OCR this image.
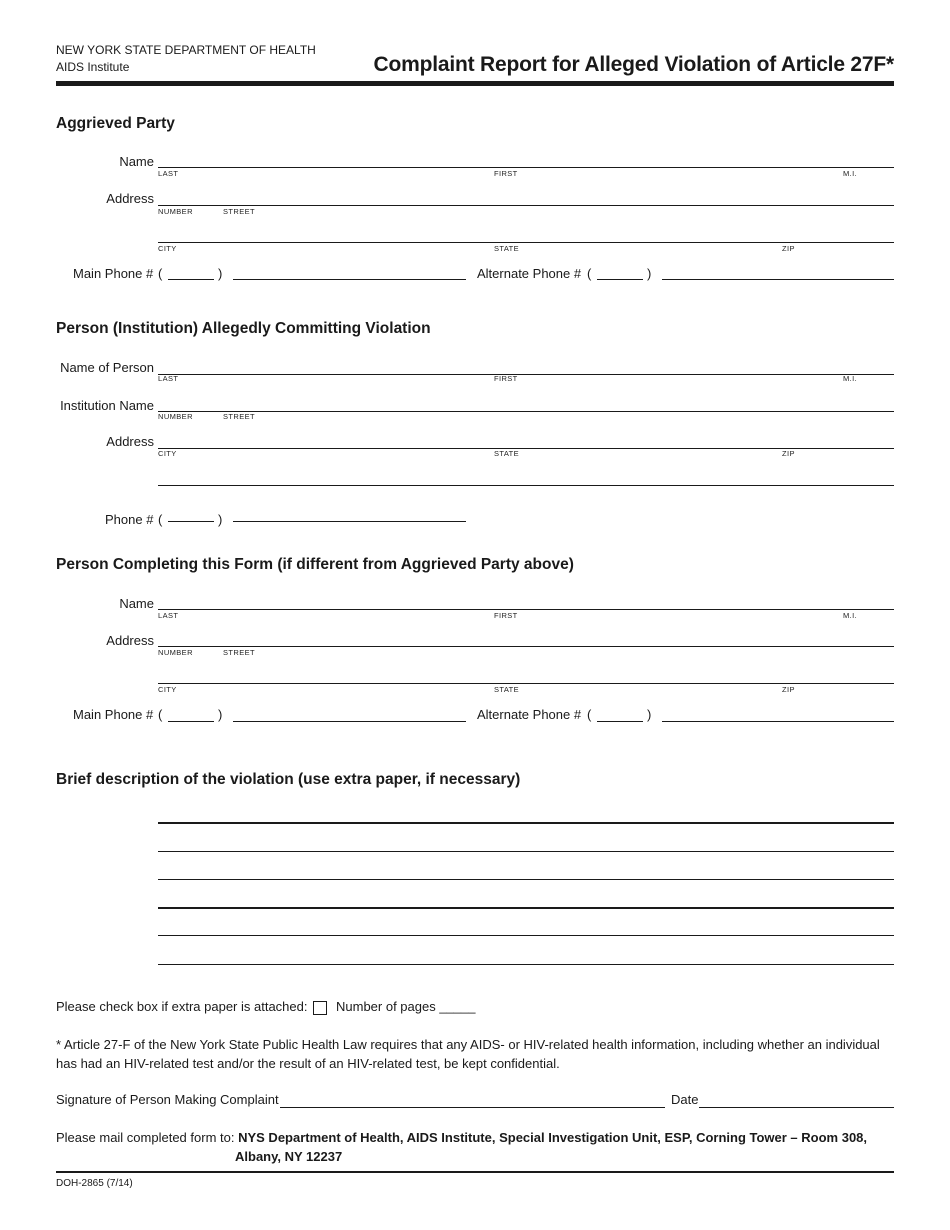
NEW YORK STATE DEPARTMENT OF HEALTH
AIDS Institute	Complaint Report for Alleged Violation of Article 27F*
Aggrieved Party
Name
LAST	FIRST	M.I.
Address
NUMBER	STREET
CITY	STATE	ZIP
Main Phone # (	)	Alternate Phone # (	)
Person (Institution) Allegedly Committing Violation
Name of Person
LAST	FIRST	M.I.
Institution Name
NUMBER	STREET
Address
CITY	STATE	ZIP
Phone # (	)
Person Completing this Form (if different from Aggrieved Party above)
Name
LAST	FIRST	M.I.
Address
NUMBER	STREET
CITY	STATE	ZIP
Main Phone # (	)	Alternate Phone # (	)
Brief description of the violation (use extra paper, if necessary)
Please check box if extra paper is attached: Number of pages _____
* Article 27-F of the New York State Public Health Law requires that any AIDS- or HIV-related health information, including whether an individual has had an HIV-related test and/or the result of an HIV-related test, be kept confidential.
Signature of Person Making Complaint	Date
Please mail completed form to: NYS Department of Health, AIDS Institute, Special Investigation Unit, ESP, Corning Tower – Room 308,
Albany, NY 12237
DOH-2865 (7/14)
